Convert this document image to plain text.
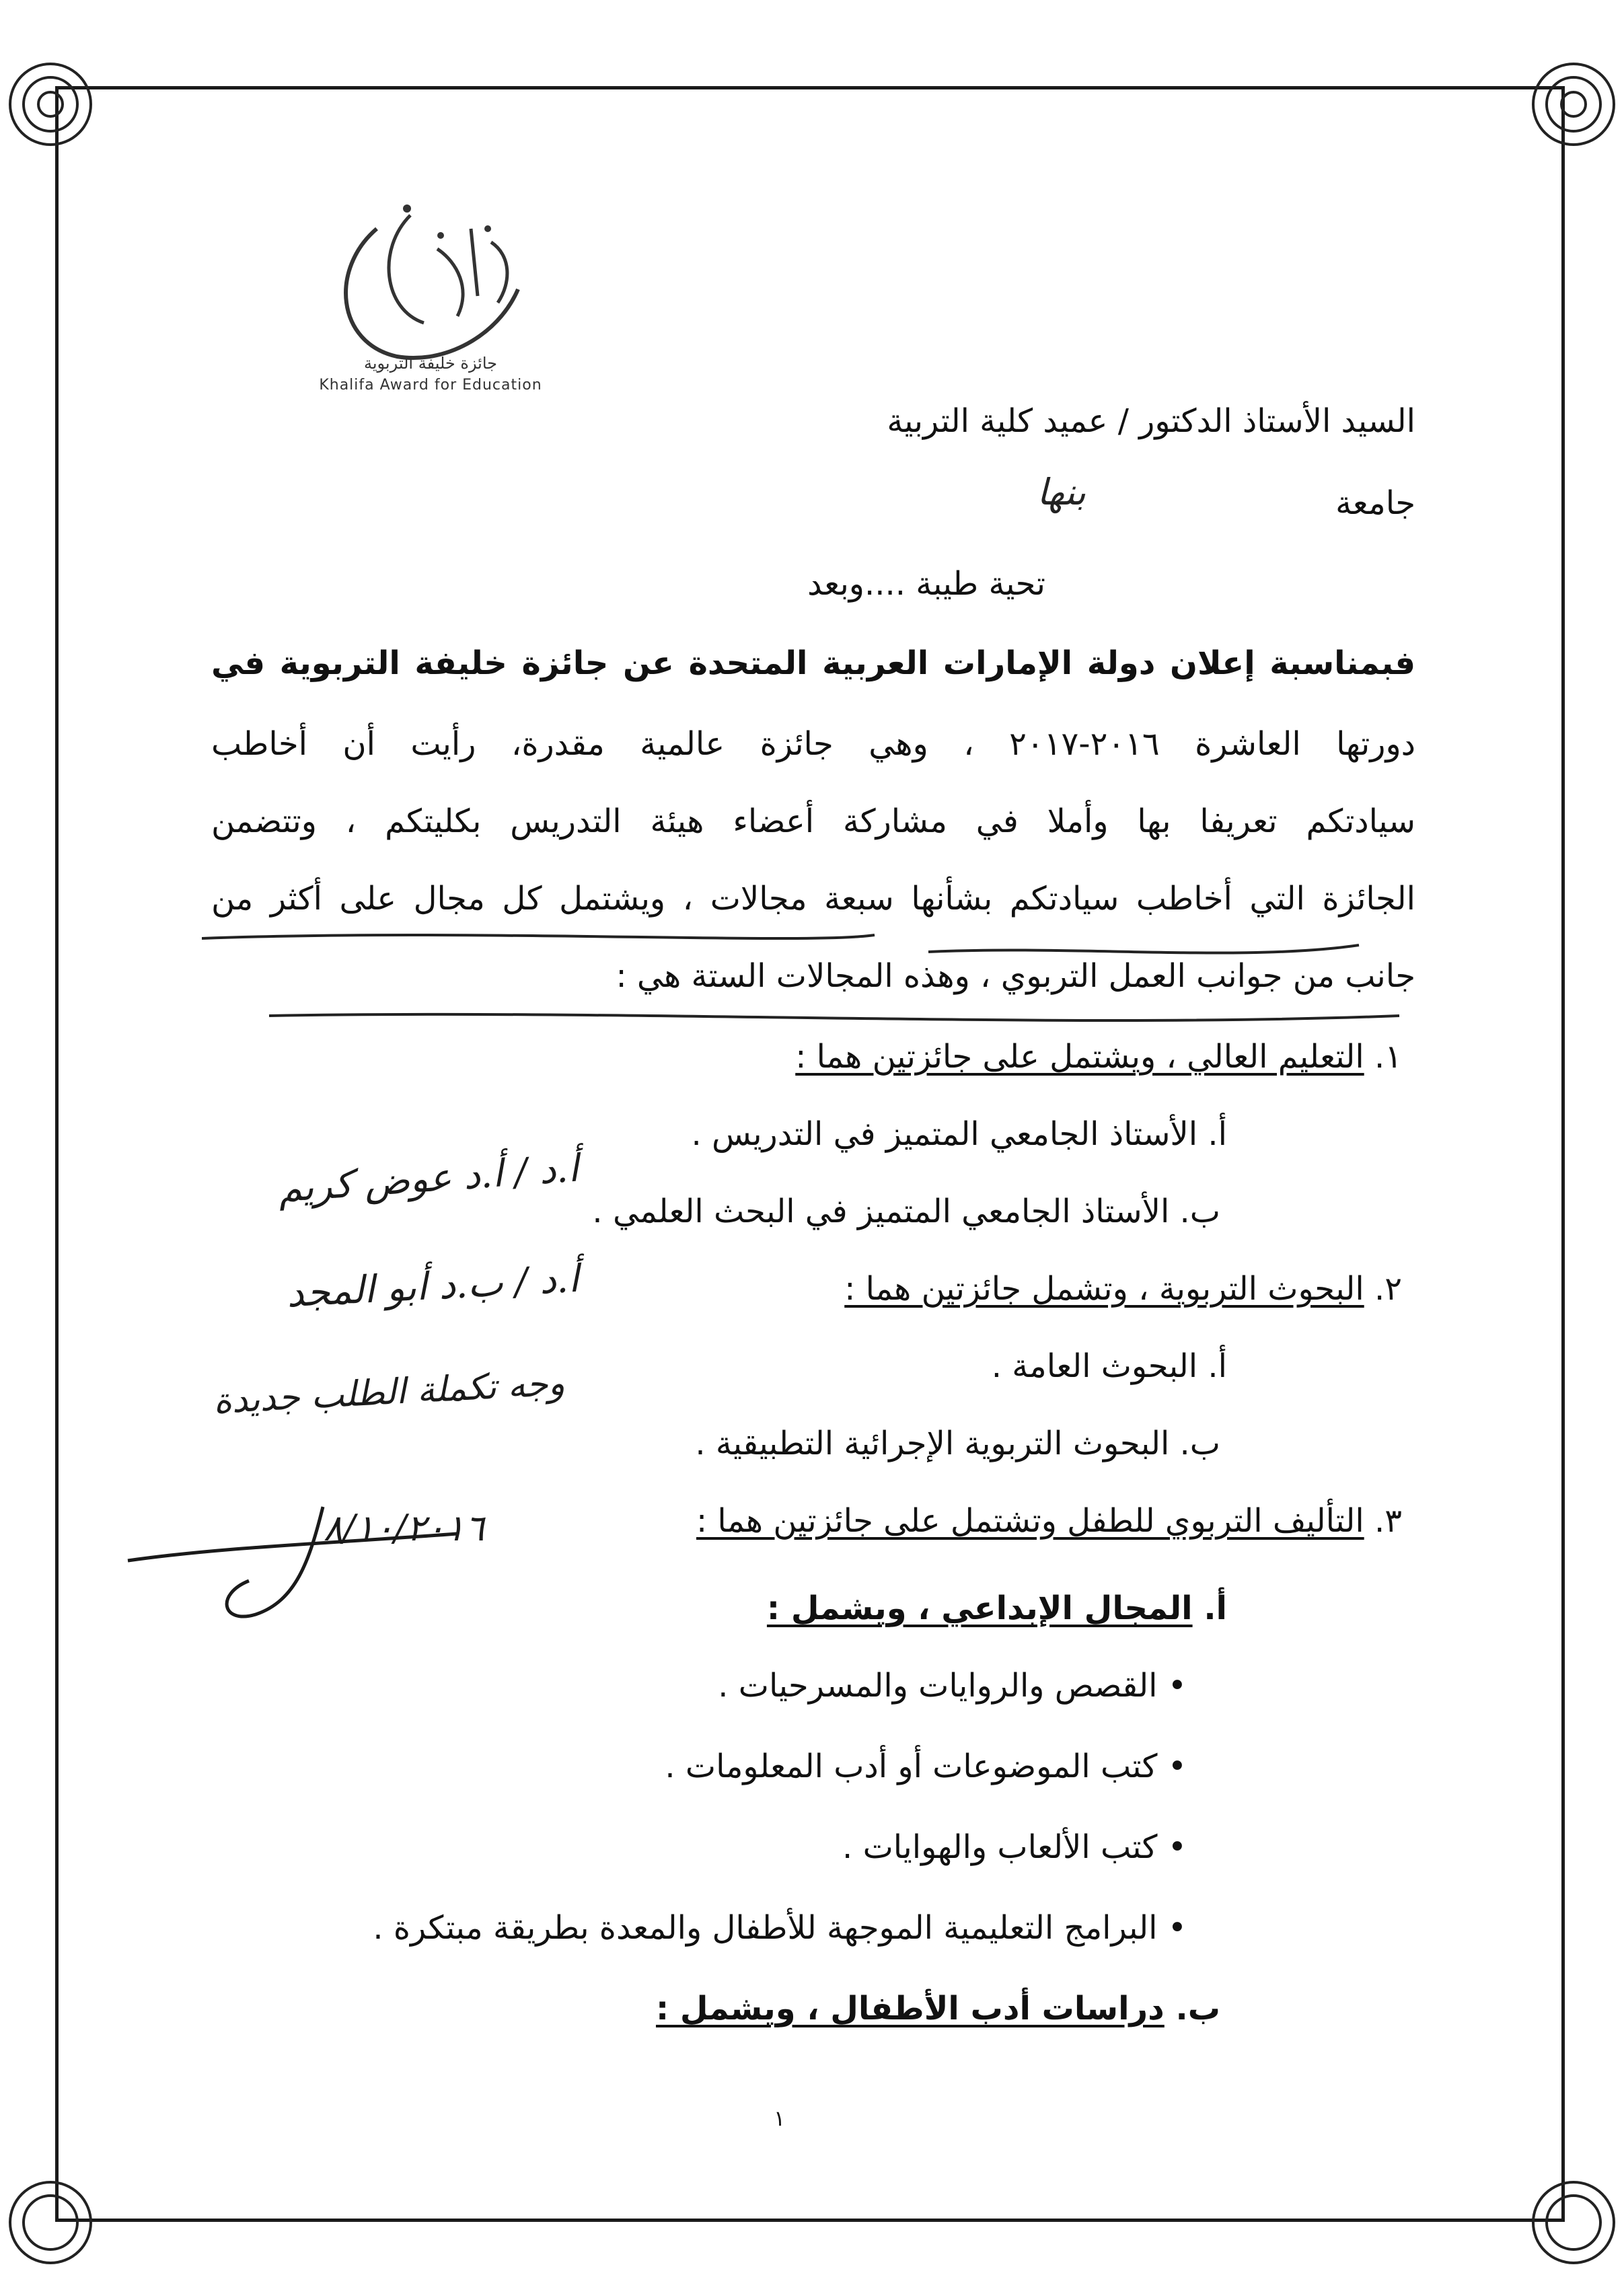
جائزة خليفة التربوية
Khalifa Award for Education
السيد الأستاذ الدكتور / عميد كلية التربية
جامعة
بنها
تحية طيبة ....وبعد
فبمناسبة إعلان دولة الإمارات العربية المتحدة عن جائزة خليفة التربوية في
دورتها العاشرة ٢٠١٦-٢٠١٧ ، وهي جائزة عالمية مقدرة، رأيت أن أخاطب
سيادتكم تعريفا بها وأملا في مشاركة أعضاء هيئة التدريس بكليتكم ، وتتضمن
الجائزة التي أخاطب سيادتكم بشأنها سبعة مجالات ، ويشتمل كل مجال على أكثر من
جانب من جوانب العمل التربوي ، وهذه المجالات الستة هي :
١. التعليم العالي ، ويشتمل على جائزتين هما :
أ. الأستاذ الجامعي المتميز في التدريس .
ب. الأستاذ الجامعي المتميز في البحث العلمي .
٢. البحوث التربوية ، وتشمل جائزتين هما :
أ. البحوث العامة .
ب. البحوث التربوية الإجرائية التطبيقية .
٣. التأليف التربوي للطفل وتشتمل على جائزتين هما :
أ. المجال الإبداعي ، ويشمل :
• القصص والروايات والمسرحيات .
• كتب الموضوعات أو أدب المعلومات .
• كتب الألعاب والهوايات .
• البرامج التعليمية الموجهة للأطفال والمعدة بطريقة مبتكرة .
ب. دراسات أدب الأطفال ، ويشمل :
أ.د / أ.د عوض كريم
أ.د / ب.د أبو المجد
وجه تكملة الطلب جديدة
٨/١٠/٢٠١٦
١
